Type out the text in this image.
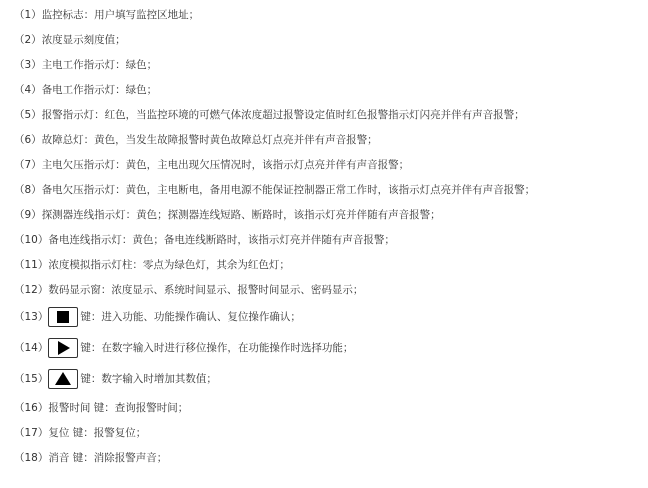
（1） 监控标志：用户填写监控区地址；
（2） 浓度显示刻度值；
（3） 主电工作指示灯：绿色；
（4） 备电工作指示灯：绿色；
（5） 报警指示灯：红色，当监控环境的可燃气体浓度超过报警设定值时红色报警指示灯闪亮并伴有声音报警；
（6） 故障总灯：黄色，当发生故障报警时黄色故障总灯点亮并伴有声音报警；
（7） 主电欠压指示灯：黄色，主电出现欠压情况时，该指示灯点亮并伴有声音报警；
（8） 备电欠压指示灯：黄色，主电断电，备用电源不能保证控制器正常工作时，该指示灯点亮并伴有声音报警；
（9） 探测器连线指示灯：黄色；探测器连线短路、断路时，该指示灯亮并伴随有声音报警；
（10） 备电连线指示灯：黄色；备电连线断路时，该指示灯亮并伴随有声音报警；
（11） 浓度模拟指示灯柱：零点为绿色灯，其余为红色灯；
（12） 数码显示窗：浓度显示、系统时间显示、报警时间显示、密码显示；
（13）	键：进入功能、功能操作确认、复位操作确认；
（14）	键：在数字输入时进行移位操作，在功能操作时选择功能；
（15）	键：数字输入时增加其数值；
（16） 报警时间 键：查询报警时间；
（17） 复位 键：报警复位；
（18） 消音 键：消除报警声音；
